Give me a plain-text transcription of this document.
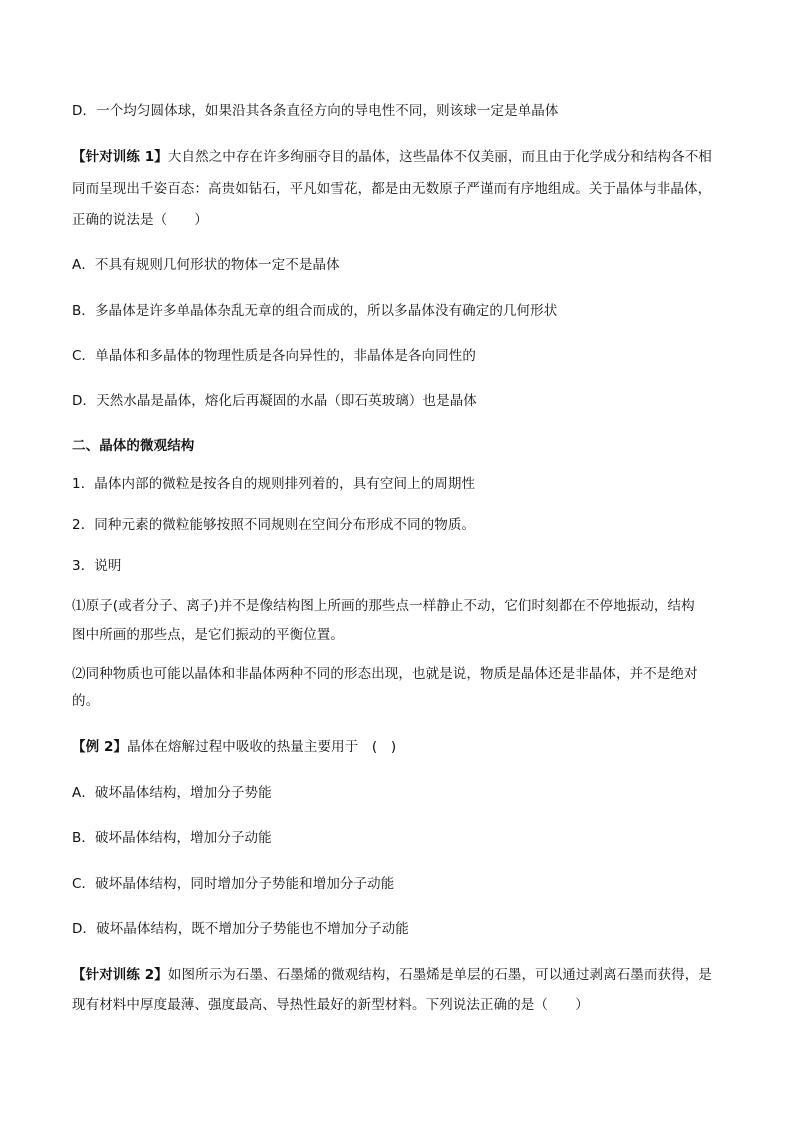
D．一个均匀圆体球，如果沿其各条直径方向的导电性不同，则该球一定是单晶体
【针对训练 1】大自然之中存在许多绚丽夺目的晶体，这些晶体不仅美丽，而且由于化学成分和结构各不相
同而呈现出千姿百态：高贵如钻石，平凡如雪花，都是由无数原子严谨而有序地组成。关于晶体与非晶体，
正确的说法是（　　）
A．不具有规则几何形状的物体一定不是晶体
B．多晶体是许多单晶体杂乱无章的组合而成的，所以多晶体没有确定的几何形状
C．单晶体和多晶体的物理性质是各向异性的，非晶体是各向同性的
D．天然水晶是晶体，熔化后再凝固的水晶（即石英玻璃）也是晶体
二、晶体的微观结构
1．晶体内部的微粒是按各自的规则排列着的，具有空间上的周期性
2．同种元素的微粒能够按照不同规则在空间分布形成不同的物质。
3．说明
⑴原子(或者分子、离子)并不是像结构图上所画的那些点一样静止不动，它们时刻都在不停地振动，结构
图中所画的那些点，是它们振动的平衡位置。
⑵同种物质也可能以晶体和非晶体两种不同的形态出现，也就是说，物质是晶体还是非晶体，并不是绝对
的。
【例 2】晶体在熔解过程中吸收的热量主要用于　(　)
A．破坏晶体结构，增加分子势能
B．破坏晶体结构，增加分子动能
C．破坏晶体结构，同时增加分子势能和增加分子动能
D．破坏晶体结构，既不增加分子势能也不增加分子动能
【针对训练 2】如图所示为石墨、石墨烯的微观结构，石墨烯是单层的石墨，可以通过剥离石墨而获得，是
现有材料中厚度最薄、强度最高、导热性最好的新型材料。下列说法正确的是（　　）
